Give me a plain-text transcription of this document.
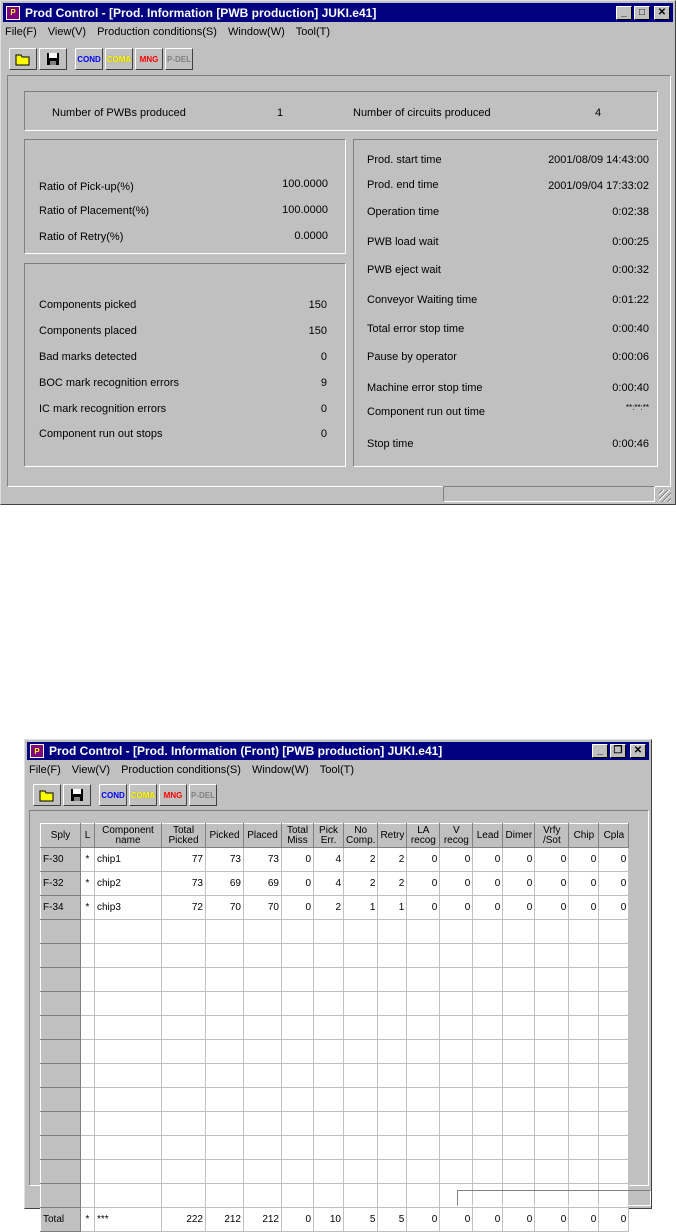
P Prod Control - [Prod. Information [PWB production] JUKI.e41]	_	□	✕
File(F) View(V) Production conditions(S) Window(W) Tool(T)
COND COMA MNG P-DEL
Number of PWBs produced	1	Number of circuits produced	4
Ratio of Pick-up(%)	100.0000
Ratio of Placement(%)	100.0000
Ratio of Retry(%)	0.0000
Components picked	150
Components placed	150
Bad marks detected	0
BOC mark recognition errors	9
IC mark recognition errors	0
Component run out stops	0
Prod. start time	2001/08/09 14:43:00
Prod. end time	2001/09/04 17:33:02
Operation time	0:02:38
PWB load wait	0:00:25
PWB eject wait	0:00:32
Conveyor Waiting time	0:01:22
Total error stop time	0:00:40
Pause by operator	0:00:06
Machine error stop time	0:00:40
Component run out time	**:**:**
Stop time	0:00:46
P Prod Control - [Prod. Information (Front) [PWB production] JUKI.e41]	_	❐	✕
File(F) View(V) Production conditions(S) Window(W) Tool(T)
COND COMA MNG P-DEL
Sply	L	Component name	Total Picked	Picked	Placed	Total Miss	Pick Err.	No Comp.	Retry	LA recog	V recog	Lead	Dimer	Vrfy /Sot	Chip	Cpla
F-30	*	chip1	77	73	73	0	4	2	2	0	0	0	0	0	0	0
F-32	*	chip2	73	69	69	0	4	2	2	0	0	0	0	0	0	0
F-34	*	chip3	72	70	70	0	2	1	1	0	0	0	0	0	0	0

Total	*	***	222	212	212	0	10	5	5	0	0	0	0	0	0	0
